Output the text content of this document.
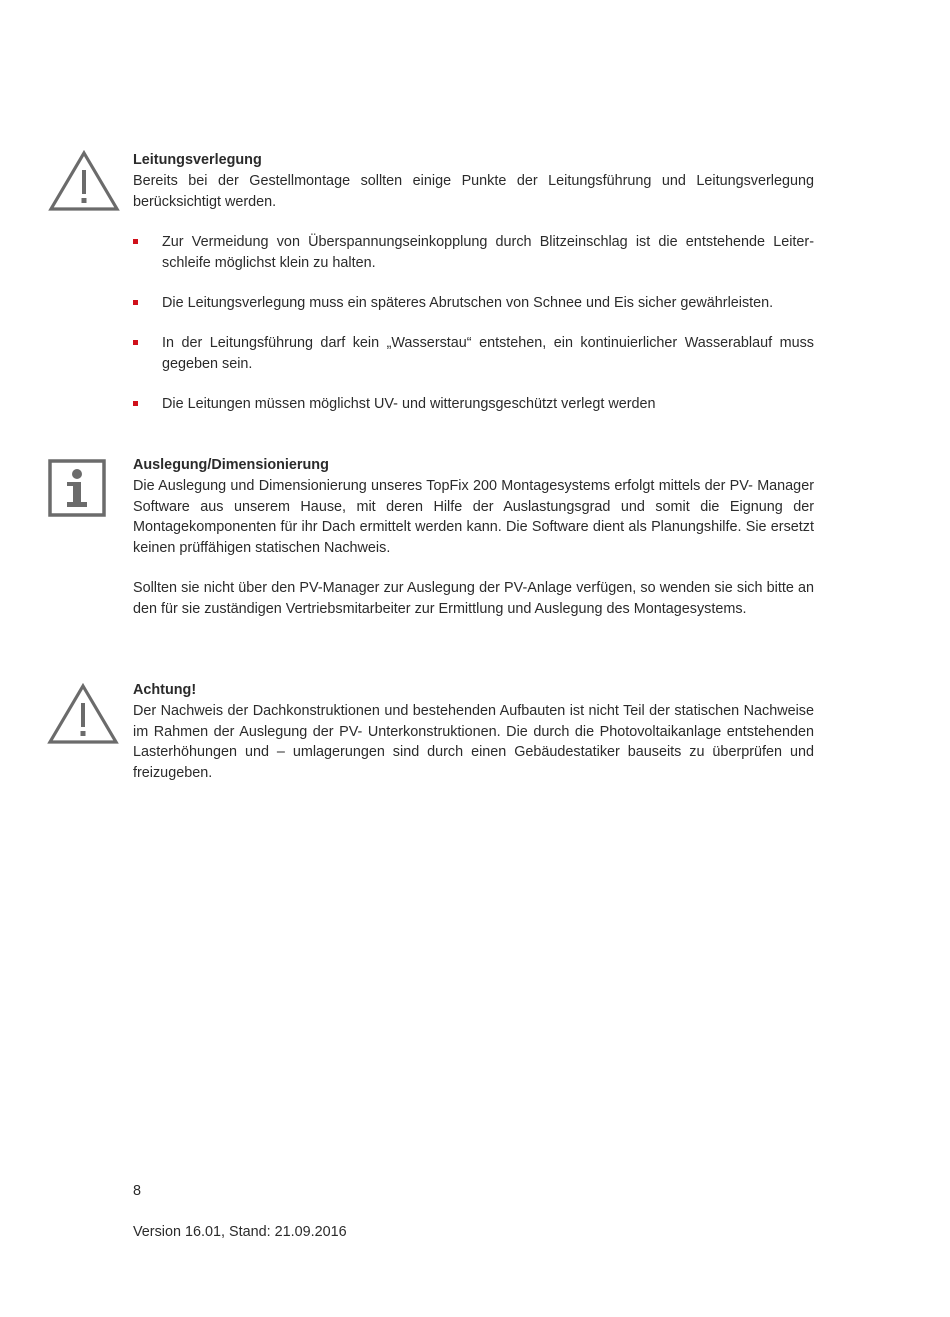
Leitungsverlegung

Bereits bei der Gestellmontage sollten einige Punkte der Leitungsführung und Leitungsverlegung berücksichtigt werden.

Zur Vermeidung von Überspannungseinkopplung durch Blitzeinschlag ist die entstehende Leiter-schleife möglichst klein zu halten.
Die Leitungsverlegung muss ein späteres Abrutschen von Schnee und Eis sicher gewährleisten.
In der Leitungsführung darf kein „Wasserstau“ entstehen, ein kontinuierlicher Wasserablauf muss gegeben sein.
Die Leitungen müssen möglichst UV- und witterungsgeschützt verlegt werden
Auslegung/Dimensionierung

Die Auslegung und Dimensionierung unseres TopFix 200 Montagesystems erfolgt mittels der PV- Manager Software aus unserem Hause, mit deren Hilfe der Auslastungsgrad und somit die Eignung der Montagekomponenten für ihr Dach ermittelt werden kann. Die Software dient als Planungshilfe. Sie ersetzt keinen prüffähigen statischen Nachweis.

Sollten sie nicht über den PV-Manager zur Auslegung der PV-Anlage verfügen, so wenden sie sich bitte an den für sie zuständigen Vertriebsmitarbeiter zur Ermittlung und Auslegung des Montagesystems.

Achtung!

Der Nachweis der Dachkonstruktionen und bestehenden Aufbauten ist nicht Teil der statischen Nachweise im Rahmen der Auslegung der PV- Unterkonstruktionen. Die durch die Photovoltaikanlage entstehenden Lasterhöhungen und – umlagerungen sind durch einen Gebäudestatiker bauseits zu überprüfen und freizugeben.

8
Version 16.01, Stand: 21.09.2016
